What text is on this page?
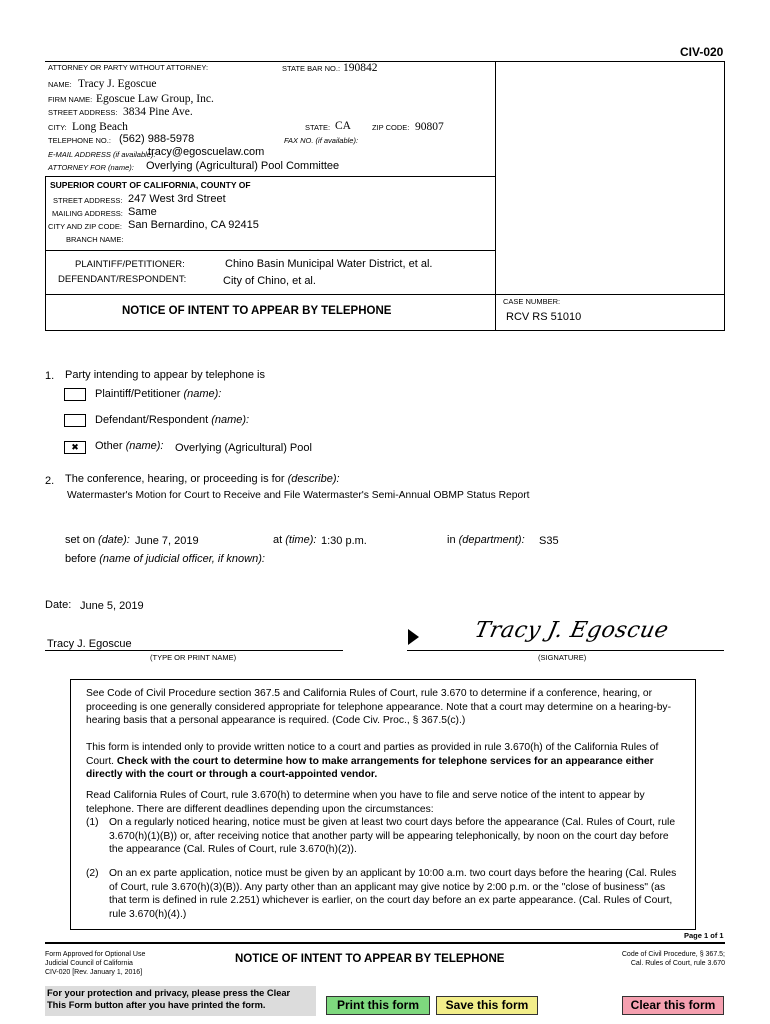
CIV-020
ATTORNEY OR PARTY WITHOUT ATTORNEY:	STATE BAR NO.: 190842
NAME: Tracy J. Egoscue
FIRM NAME: Egoscue Law Group, Inc.
STREET ADDRESS: 3834 Pine Ave.
CITY: Long Beach	STATE: CA	ZIP CODE: 90807
TELEPHONE NO.: (562) 988-5978	FAX NO. (if available):
E-MAIL ADDRESS (if available):
tracy@egoscuelaw.com
ATTORNEY FOR (name): Overlying (Agricultural) Pool Committee
SUPERIOR COURT OF CALIFORNIA, COUNTY OF
STREET ADDRESS: 247 West 3rd Street
MAILING ADDRESS: Same
CITY AND ZIP CODE: San Bernardino, CA 92415
BRANCH NAME:
PLAINTIFF/PETITIONER:	Chino Basin Municipal Water District, et al.
DEFENDANT/RESPONDENT:	City of Chino, et al.
NOTICE OF INTENT TO APPEAR BY TELEPHONE
CASE NUMBER:
RCV RS 51010
1. Party intending to appear by telephone is
Plaintiff/Petitioner (name):
Defendant/Respondent (name):
✖	Other (name): Overlying (Agricultural) Pool
2. The conference, hearing, or proceeding is for (describe):
Watermaster's Motion for Court to Receive and File Watermaster's Semi-Annual OBMP Status Report
set on (date): June 7, 2019	at (time): 1:30 p.m.	in (department): S35
before (name of judicial officer, if known):
Date: June 5, 2019
Tracy J. Egoscue
(TYPE OR PRINT NAME)
Tracy J. Egoscue
(SIGNATURE)

See Code of Civil Procedure section 367.5 and California Rules of Court, rule 3.670 to determine if a conference, hearing, or proceeding is one generally considered appropriate for telephone appearance. Note that a court may determine on a hearing-by-hearing basis that a personal appearance is required. (Code Civ. Proc., § 367.5(c).)

This form is intended only to provide written notice to a court and parties as provided in rule 3.670(h) of the California Rules of Court. Check with the court to determine how to make arrangements for telephone services for an appearance either directly with the court or through a court-appointed vendor.

Read California Rules of Court, rule 3.670(h) to determine when you have to file and serve notice of the intent to appear by telephone. There are different deadlines depending upon the circumstances:

(1)	On a regularly noticed hearing, notice must be given at least two court days before the appearance (Cal. Rules of Court, rule 3.670(h)(1)(B)) or, after receiving notice that another party will be appearing telephonically, by noon on the court day before the appearance (Cal. Rules of Court, rule 3.670(h)(2)).

(2)	On an ex parte application, notice must be given by an applicant by 10:00 a.m. two court days before the hearing (Cal. Rules of Court, rule 3.670(h)(3)(B)). Any party other than an applicant may give notice by 2:00 p.m. or the "close of business" (as that term is defined in rule 2.251) whichever is earlier, on the court day before an ex parte appearance. (Cal. Rules of Court, rule 3.670(h)(4).)

Page 1 of 1
Form Approved for Optional Use
Judicial Council of California
CIV-020 [Rev. January 1, 2016]
NOTICE OF INTENT TO APPEAR BY TELEPHONE	Code of Civil Procedure, § 367.5;
Cal. Rules of Court, rule 3.670
For your protection and privacy, please press the Clear
This Form button after you have printed the form.	Print this form	Save this form	Clear this form
